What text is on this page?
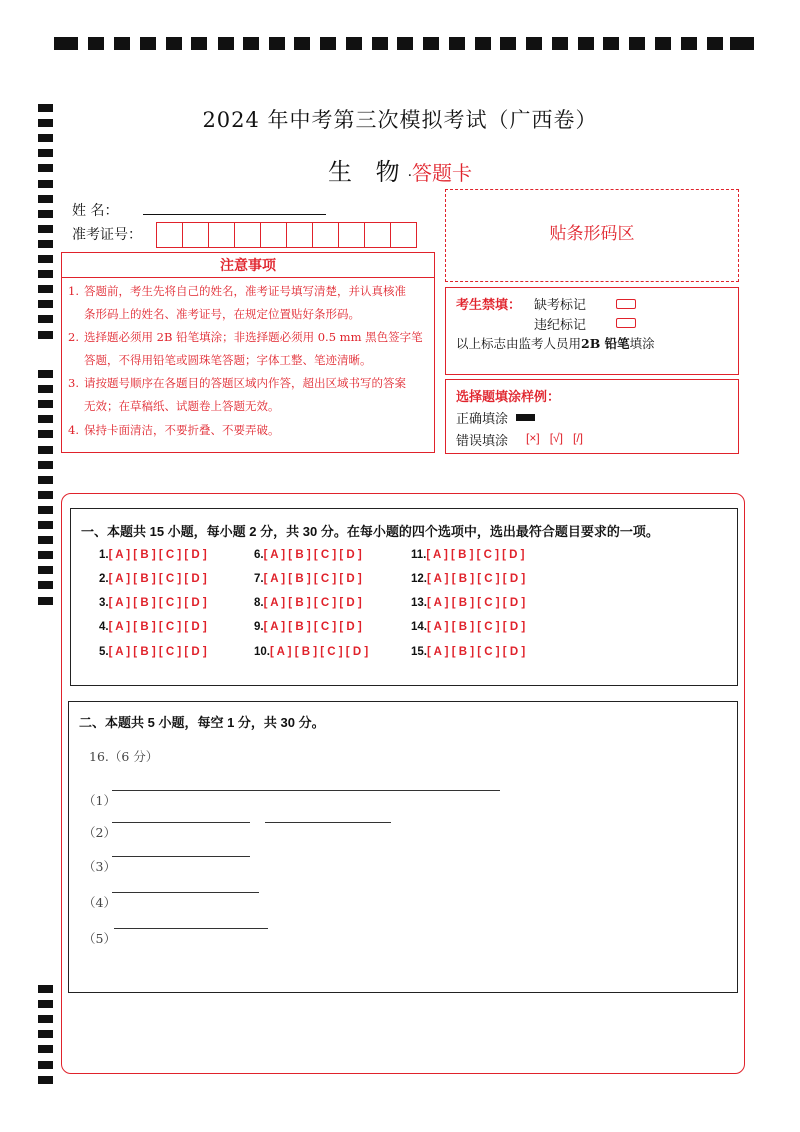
2024 年中考第三次模拟考试（广西卷）
生 物·答题卡
姓 名：
准考证号：
注意事项
1. 答题前，考生先将自己的姓名，准考证号填写清楚，并认真核准
条形码上的姓名、准考证号，在规定位置贴好条形码。
2. 选择题必须用 2B 铅笔填涂；非选择题必须用 0.5 mm 黑色签字笔
答题，不得用铅笔或圆珠笔答题；字体工整、笔迹清晰。
3. 请按题号顺序在各题目的答题区域内作答，超出区域书写的答案
无效；在草稿纸、试题卷上答题无效。
4. 保持卡面清洁，不要折叠、不要弄破。
贴条形码区
考生禁填： 缺考标记
违纪标记
以上标志由监考人员用2B 铅笔填涂
选择题填涂样例：
正确填涂
错误填涂 [×] [√] [/]
一、本题共 15 小题，每小题 2 分，共 30 分。在每小题的四个选项中，选出最符合题目要求的一项。
1.[ A ] [ B ] [ C ] [ D ]
2.[ A ] [ B ] [ C ] [ D ]
3.[ A ] [ B ] [ C ] [ D ]
4.[ A ] [ B ] [ C ] [ D ]
5.[ A ] [ B ] [ C ] [ D ]
6.[ A ] [ B ] [ C ] [ D ]
7.[ A ] [ B ] [ C ] [ D ]
8.[ A ] [ B ] [ C ] [ D ]
9.[ A ] [ B ] [ C ] [ D ]
10.[ A ] [ B ] [ C ] [ D ]
11.[ A ] [ B ] [ C ] [ D ]
12.[ A ] [ B ] [ C ] [ D ]
13.[ A ] [ B ] [ C ] [ D ]
14.[ A ] [ B ] [ C ] [ D ]
15.[ A ] [ B ] [ C ] [ D ]
二、本题共 5 小题，每空 1 分，共 30 分。
16.（6 分）
（1）
（2）
（3）
（4）
（5）
